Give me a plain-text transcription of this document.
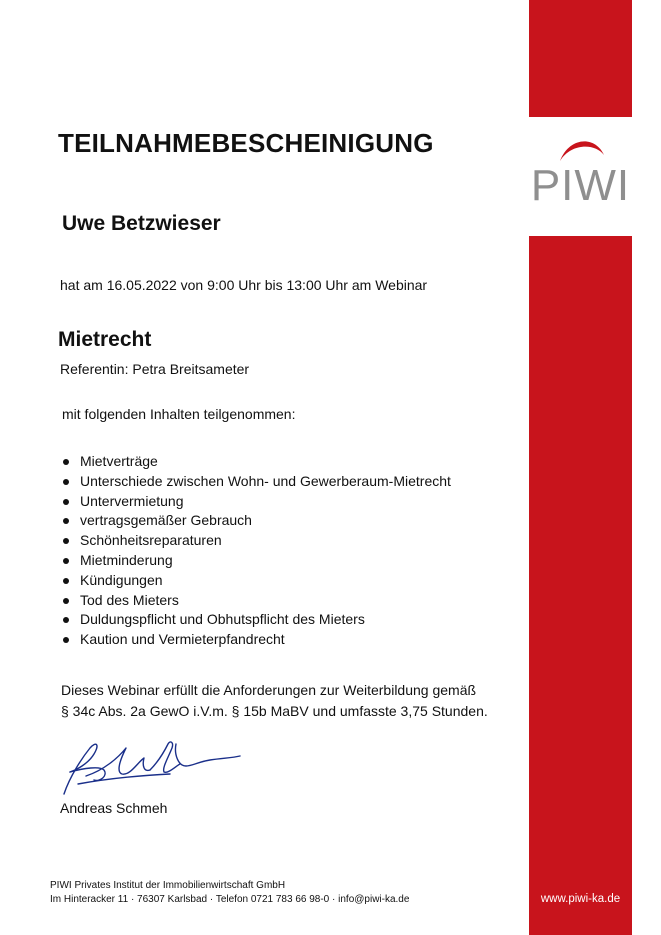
PIWI
www.piwi-ka.de
TEILNAHMEBESCHEINIGUNG
Uwe Betzwieser
hat am 16.05.2022 von 9:00 Uhr bis 13:00 Uhr am Webinar
Mietrecht
Referentin: Petra Breitsameter
mit folgenden Inhalten teilgenommen:
Mietverträge
Unterschiede zwischen Wohn- und Gewerberaum-Mietrecht
Untervermietung
vertragsgemäßer Gebrauch
Schönheitsreparaturen
Mietminderung
Kündigungen
Tod des Mieters
Duldungspflicht und Obhutspflicht des Mieters
Kaution und Vermieterpfandrecht
Dieses Webinar erfüllt die Anforderungen zur Weiterbildung gemäß
§ 34c Abs. 2a GewO i.V.m. § 15b MaBV und umfasste 3,75 Stunden.
Andreas Schmeh
PIWI Privates Institut der Immobilienwirtschaft GmbH
Im Hinteracker 11 · 76307 Karlsbad · Telefon 0721 783 66 98-0 · info@piwi-ka.de
